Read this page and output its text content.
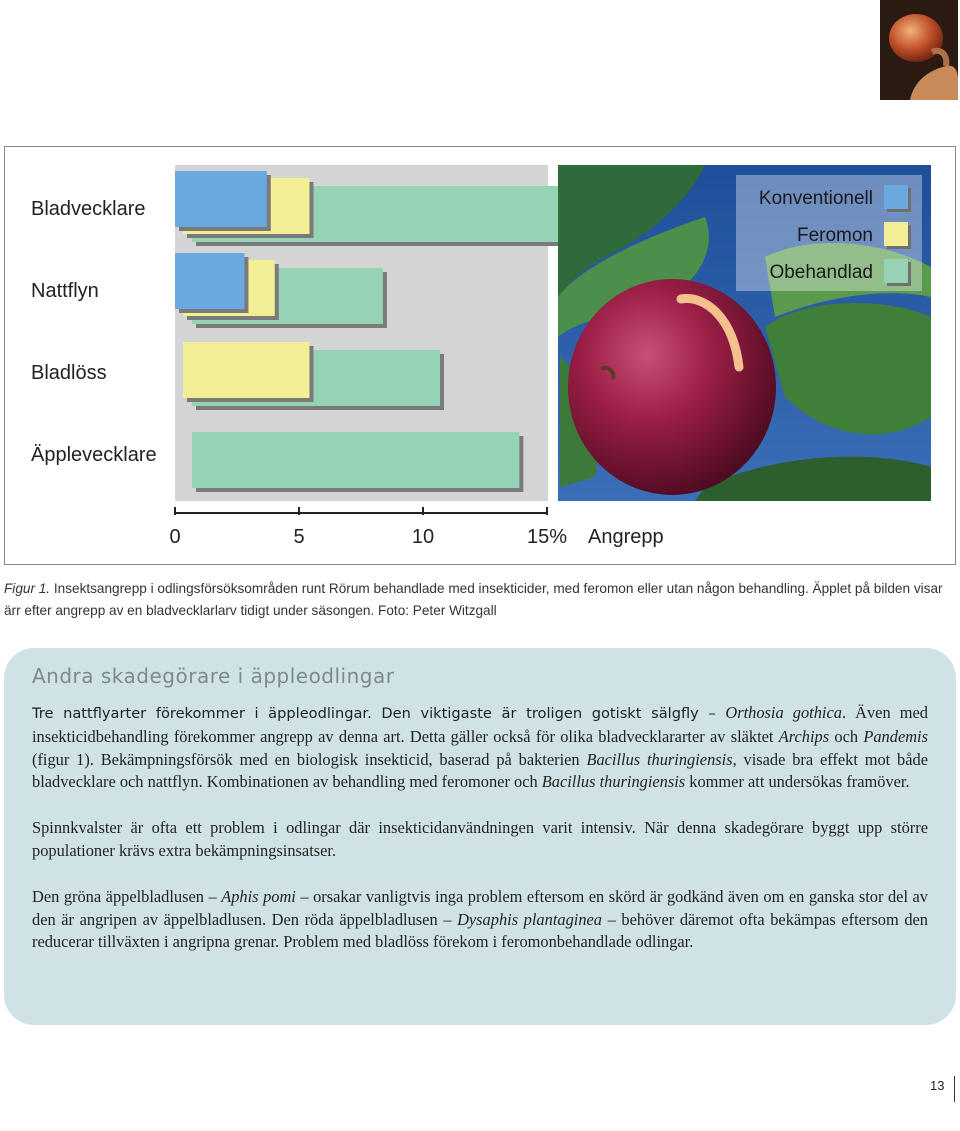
Bladvecklare
Nattflyn
Bladlöss
Äpplevecklare
0	5	10	15% Angrepp
Konventionell
Feromon
Obehandlad
Figur 1. Insektsangrepp i odlingsförsöksområden runt Rörum behandlade med insekticider, med feromon eller utan någon behandling. Äpplet på bilden visar ärr efter angrepp av en bladvecklarlarv tidigt under säsongen. Foto: Peter Witzgall
Andra skadegörare i äppleodlingar

Tre nattflyarter förekommer i äppleodlingar. Den viktigaste är troligen gotiskt sälgfly – Orthosia gothica. Även med insekticidbehandling förekommer angrepp av denna art. Detta gäller också för olika bladvecklararter av släktet Archips och Pandemis (figur 1). Bekämpningsförsök med en biologisk insekticid, baserad på bakterien Bacillus thuringiensis, visade bra effekt mot både bladvecklare och nattflyn. Kombinationen av behandling med feromoner och Bacillus thuringiensis kommer att undersökas framöver.

Spinnkvalster är ofta ett problem i odlingar där insekticidanvändningen varit intensiv. När denna skadegörare byggt upp större populationer krävs extra bekämpningsinsatser.

Den gröna äppelbladlusen – Aphis pomi – orsakar vanligtvis inga problem eftersom en skörd är godkänd även om en ganska stor del av den är angripen av äppelbladlusen. Den röda äppelbladlusen – Dysaphis plantaginea – behöver däremot ofta bekämpas eftersom den reducerar tillväxten i angripna grenar. Problem med bladlöss förekom i feromonbehandlade odlingar.

13
